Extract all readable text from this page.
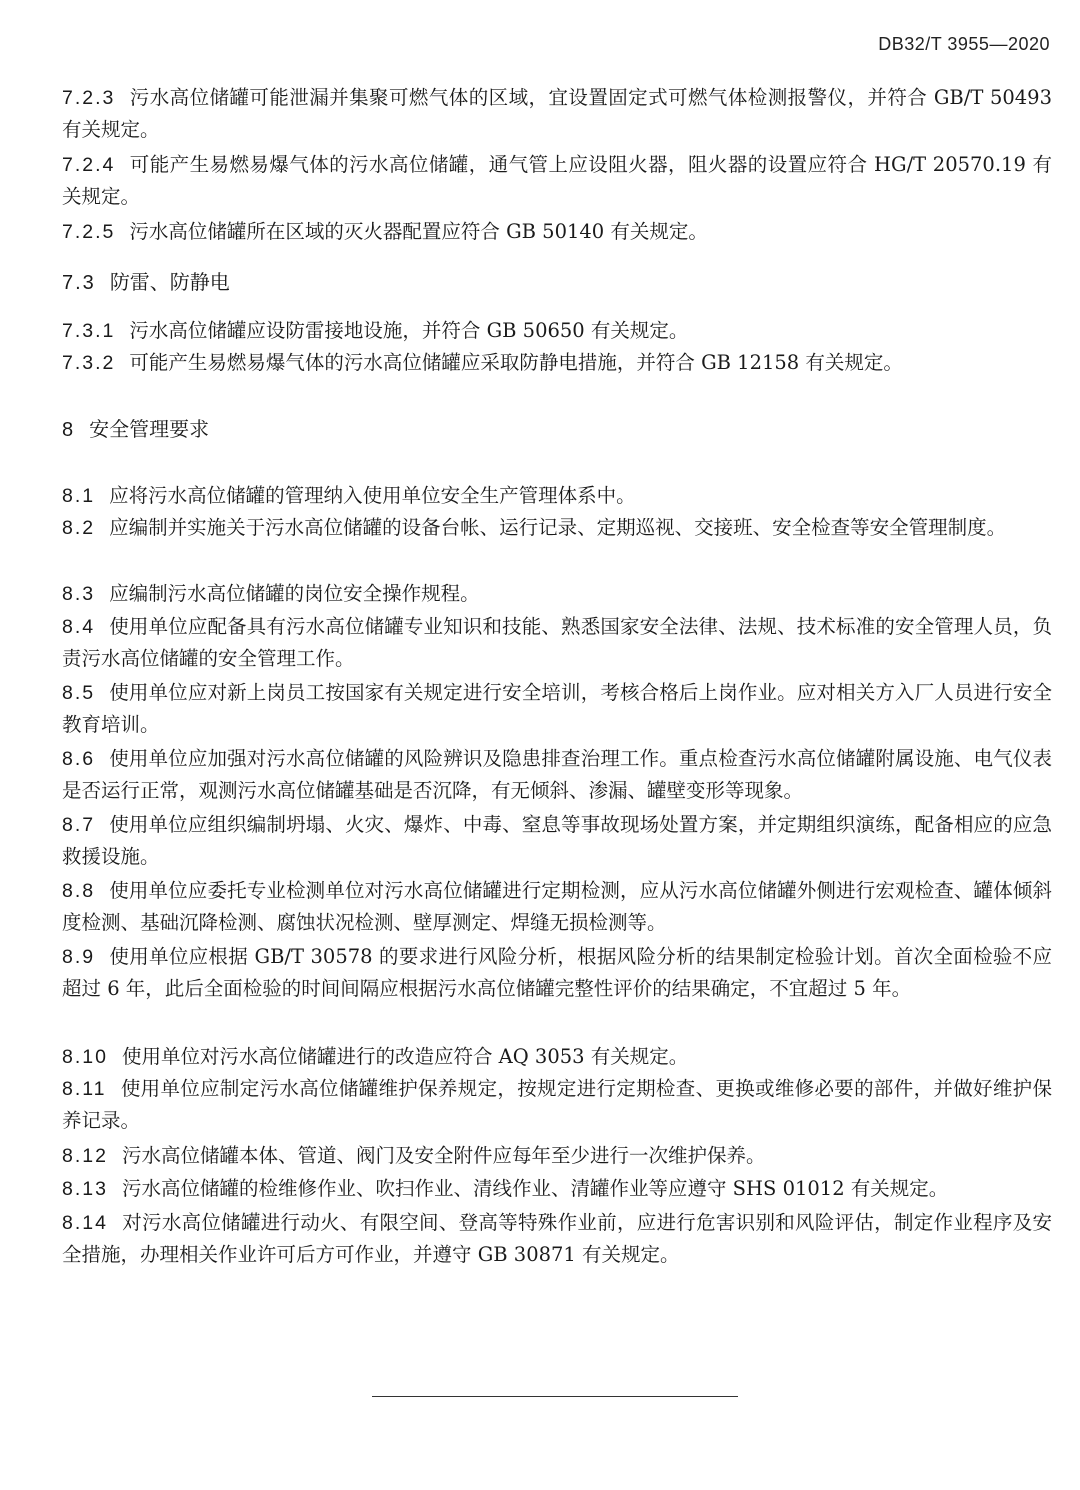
DB32/T 3955—2020

7.2.3 污水高位储罐可能泄漏并集聚可燃气体的区域，宜设置固定式可燃气体检测报警仪，并符合 GB/T 50493 有关规定。

7.2.4 可能产生易燃易爆气体的污水高位储罐，通气管上应设阻火器，阻火器的设置应符合 HG/T 20570.19 有关规定。

7.2.5 污水高位储罐所在区域的灭火器配置应符合 GB 50140 有关规定。

7.3 防雷、防静电

7.3.1 污水高位储罐应设防雷接地设施，并符合 GB 50650 有关规定。

7.3.2 可能产生易燃易爆气体的污水高位储罐应采取防静电措施，并符合 GB 12158 有关规定。

8 安全管理要求

8.1 应将污水高位储罐的管理纳入使用单位安全生产管理体系中。

8.2 应编制并实施关于污水高位储罐的设备台帐、运行记录、定期巡视、交接班、安全检查等安全管理制度。

8.3 应编制污水高位储罐的岗位安全操作规程。

8.4 使用单位应配备具有污水高位储罐专业知识和技能、熟悉国家安全法律、法规、技术标准的安全管理人员，负责污水高位储罐的安全管理工作。

8.5 使用单位应对新上岗员工按国家有关规定进行安全培训，考核合格后上岗作业。应对相关方入厂人员进行安全教育培训。

8.6 使用单位应加强对污水高位储罐的风险辨识及隐患排查治理工作。重点检查污水高位储罐附属设施、电气仪表是否运行正常，观测污水高位储罐基础是否沉降，有无倾斜、渗漏、罐壁变形等现象。

8.7 使用单位应组织编制坍塌、火灾、爆炸、中毒、窒息等事故现场处置方案，并定期组织演练，配备相应的应急救援设施。

8.8 使用单位应委托专业检测单位对污水高位储罐进行定期检测，应从污水高位储罐外侧进行宏观检查、罐体倾斜度检测、基础沉降检测、腐蚀状况检测、壁厚测定、焊缝无损检测等。

8.9 使用单位应根据 GB/T 30578 的要求进行风险分析，根据风险分析的结果制定检验计划。首次全面检验不应超过 6 年，此后全面检验的时间间隔应根据污水高位储罐完整性评价的结果确定，不宜超过 5 年。

8.10 使用单位对污水高位储罐进行的改造应符合 AQ 3053 有关规定。

8.11 使用单位应制定污水高位储罐维护保养规定，按规定进行定期检查、更换或维修必要的部件，并做好维护保养记录。

8.12 污水高位储罐本体、管道、阀门及安全附件应每年至少进行一次维护保养。

8.13 污水高位储罐的检维修作业、吹扫作业、清线作业、清罐作业等应遵守 SHS 01012 有关规定。

8.14 对污水高位储罐进行动火、有限空间、登高等特殊作业前，应进行危害识别和风险评估，制定作业程序及安全措施，办理相关作业许可后方可作业，并遵守 GB 30871 有关规定。
